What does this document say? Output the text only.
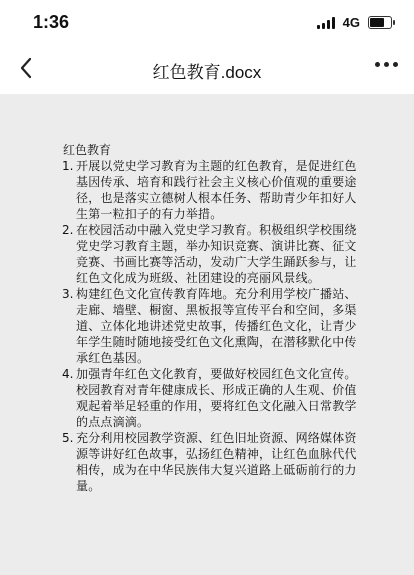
1:36	4G
红色教育.docx
红色教育
1. 开展以党史学习教育为主题的红色教育，是促进红色基因传承、培育和践行社会主义核心价值观的重要途径，也是落实立德树人根本任务、帮助青少年扣好人生第一粒扣子的有力举措。
2. 在校园活动中融入党史学习教育。积极组织学校围绕党史学习教育主题，举办知识竞赛、演讲比赛、征文竞赛、书画比赛等活动，发动广大学生踊跃参与，让红色文化成为班级、社团建设的亮丽风景线。
3. 构建红色文化宣传教育阵地。充分利用学校广播站、走廊、墙壁、橱窗、黑板报等宣传平台和空间，多渠道、立体化地讲述党史故事，传播红色文化，让青少年学生随时随地接受红色文化熏陶，在潜移默化中传承红色基因。
4. 加强青年红色文化教育，要做好校园红色文化宣传。校园教育对青年健康成长、形成正确的人生观、价值观起着举足轻重的作用，要将红色文化融入日常教学的点点滴滴。
5. 充分利用校园教学资源、红色旧址资源、网络媒体资源等讲好红色故事，弘扬红色精神，让红色血脉代代相传，成为在中华民族伟大复兴道路上砥砺前行的力量。
